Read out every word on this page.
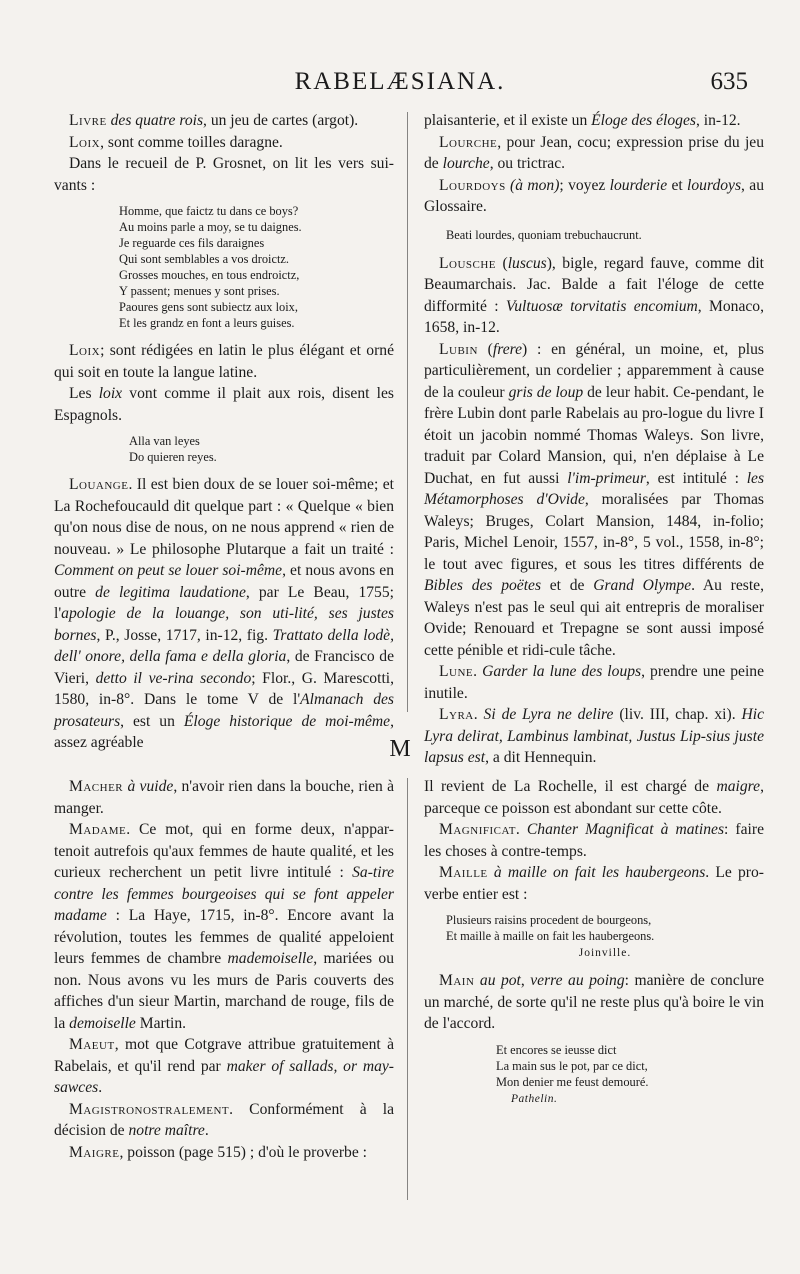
RABELÆSIANA.	635

Livre des quatre rois, un jeu de cartes (argot).

Loix, sont comme toilles daragne.

Dans le recueil de P. Grosnet, on lit les vers sui-vants :

Homme, que faictz tu dans ce boys?
Au moins parle a moy, se tu daignes.
Je reguarde ces fils daraignes
Qui sont semblables a vos droictz.
Grosses mouches, en tous endroictz,
Y passent; menues y sont prises.
Paoures gens sont subiectz aux loix,
Et les grandz en font a leurs guises.

Loix; sont rédigées en latin le plus élégant et orné qui soit en toute la langue latine.

Les loix vont comme il plait aux rois, disent les Espagnols.

Alla van leyes
Do quieren reyes.

Louange. Il est bien doux de se louer soi-même; et La Rochefoucauld dit quelque part : « Quelque « bien qu'on nous dise de nous, on ne nous apprend « rien de nouveau. » Le philosophe Plutarque a fait un traité : Comment on peut se louer soi-même, et nous avons en outre de legitima laudatione, par Le Beau, 1755; l'apologie de la louange, son uti-lité, ses justes bornes, P., Josse, 1717, in-12, fig. Trattato della lodè, dell' onore, della fama e della gloria, de Francisco de Vieri, detto il ve-rina secondo; Flor., G. Marescotti, 1580, in-8°. Dans le tome V de l'Almanach des prosateurs, est un Éloge historique de moi-même, assez agréable

plaisanterie, et il existe un Éloge des éloges, in-12.

Lourche, pour Jean, cocu; expression prise du jeu de lourche, ou trictrac.

Lourdoys (à mon); voyez lourderie et lourdoys, au Glossaire.

Beati lourdes, quoniam trebuchaucrunt.

Lousche (luscus), bigle, regard fauve, comme dit Beaumarchais. Jac. Balde a fait l'éloge de cette difformité : Vultuosæ torvitatis encomium, Monaco, 1658, in-12.

Lubin (frere) : en général, un moine, et, plus particulièrement, un cordelier ; apparemment à cause de la couleur gris de loup de leur habit. Ce-pendant, le frère Lubin dont parle Rabelais au pro-logue du livre I étoit un jacobin nommé Thomas Waleys. Son livre, traduit par Colard Mansion, qui, n'en déplaise à Le Duchat, en fut aussi l'im-primeur, est intitulé : les Métamorphoses d'Ovide, moralisées par Thomas Waleys; Bruges, Colart Mansion, 1484, in-folio; Paris, Michel Lenoir, 1557, in-8°, 5 vol., 1558, in-8°; le tout avec figures, et sous les titres différents de Bibles des poëtes et de Grand Olympe. Au reste, Waleys n'est pas le seul qui ait entrepris de moraliser Ovide; Renouard et Trepagne se sont aussi imposé cette pénible et ridi-cule tâche.

Lune. Garder la lune des loups, prendre une peine inutile.

Lyra. Si de Lyra ne delire (liv. III, chap. xi). Hic Lyra delirat, Lambinus lambinat, Justus Lip-sius juste lapsus est, a dit Hennequin.

M

Macher à vuide, n'avoir rien dans la bouche, rien à manger.

Madame. Ce mot, qui en forme deux, n'appar-tenoit autrefois qu'aux femmes de haute qualité, et les curieux recherchent un petit livre intitulé : Sa-tire contre les femmes bourgeoises qui se font appeler madame : La Haye, 1715, in-8°. Encore avant la révolution, toutes les femmes de qualité appeloient leurs femmes de chambre mademoiselle, mariées ou non. Nous avons vu les murs de Paris couverts des affiches d'un sieur Martin, marchand de rouge, fils de la demoiselle Martin.

Maeut, mot que Cotgrave attribue gratuitement à Rabelais, et qu'il rend par maker of sallads, or may-sawces.

Magistronostralement. Conformément à la décision de notre maître.

Maigre, poisson (page 515) ; d'où le proverbe :

Il revient de La Rochelle, il est chargé de maigre, parceque ce poisson est abondant sur cette côte.

Magnificat. Chanter Magnificat à matines: faire les choses à contre-temps.

Maille à maille on fait les haubergeons. Le pro-verbe entier est :

Plusieurs raisins procedent de bourgeons,
Et maille à maille on fait les haubergeons.
Joinville.

Main au pot, verre au poing: manière de conclure un marché, de sorte qu'il ne reste plus qu'à boire le vin de l'accord.

Et encores se ieusse dict
La main sus le pot, par ce dict,
Mon denier me feust demouré.
Pathelin.
